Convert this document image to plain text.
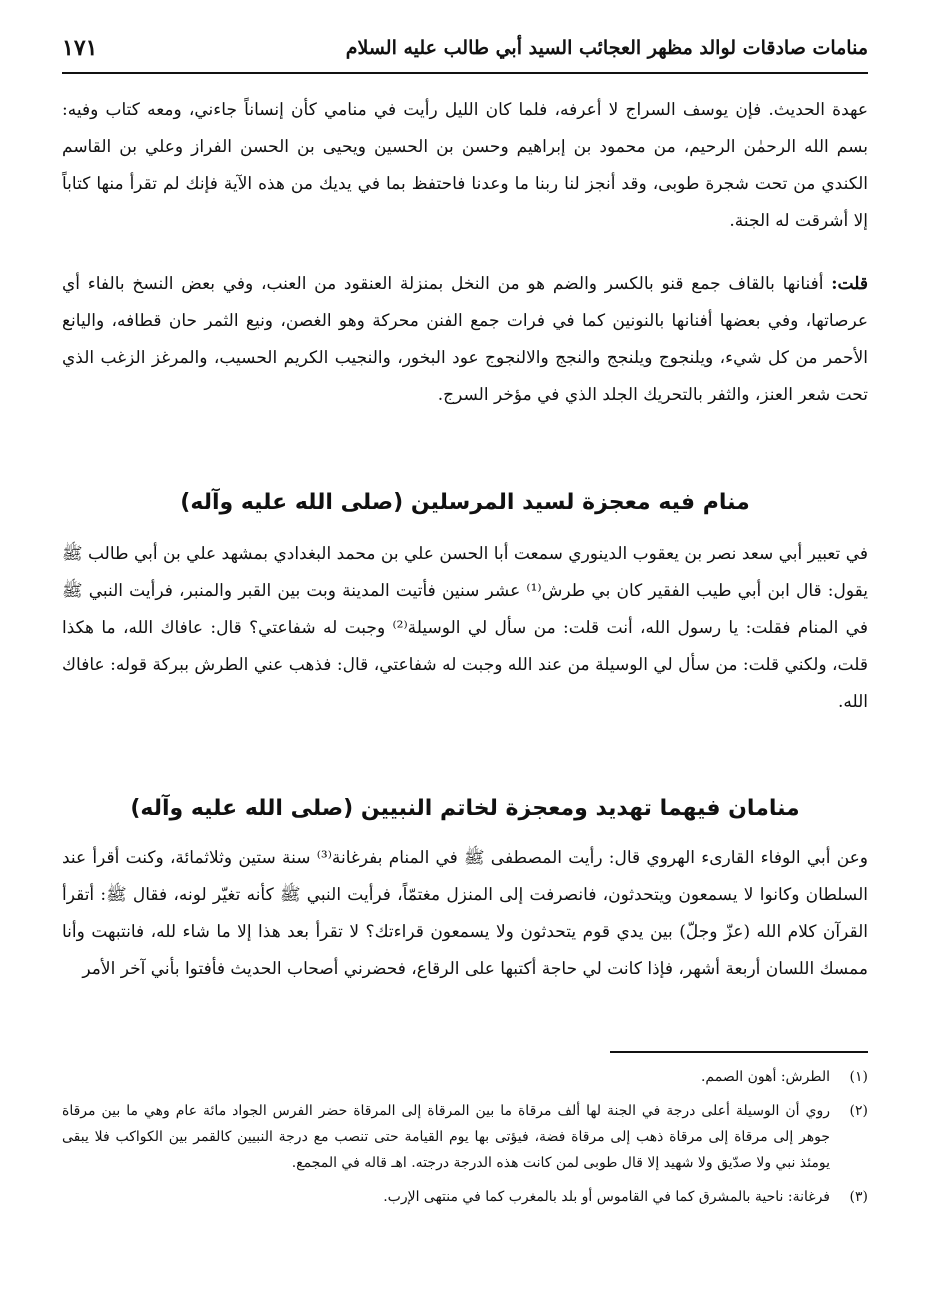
منامات صادقات لوالد مظهر العجائب السيد أبي طالب عليه السلام
١٧١

عهدة الحديث. فإن يوسف السراج لا أعرفه، فلما كان الليل رأيت في منامي كأن إنساناً جاءني، ومعه كتاب وفيه: بسم الله الرحمٰن الرحيم، من محمود بن إبراهيم وحسن بن الحسين ويحيى بن الحسن الفراز وعلي بن القاسم الكندي من تحت شجرة طوبى، وقد أنجز لنا ربنا ما وعدنا فاحتفظ بما في يديك من هذه الآية فإنك لم تقرأ منها كتاباً إلا أشرقت له الجنة.

قلت: أفنانها بالقاف جمع قنو بالكسر والضم هو من النخل بمنزلة العنقود من العنب، وفي بعض النسخ بالفاء أي عرصاتها، وفي بعضها أفنانها بالنونين كما في فرات جمع الفنن محركة وهو الغصن، ونيع الثمر حان قطافه، واليانع الأحمر من كل شيء، ويلنجوج ويلنجج والنجج والالنجوج عود البخور، والنجيب الكريم الحسيب، والمرغز الزغب الذي تحت شعر العنز، والثفر بالتحريك الجلد الذي في مؤخر السرج.

منام فيه معجزة لسيد المرسلين (صلى الله عليه وآله)

في تعبير أبي سعد نصر بن يعقوب الدينوري سمعت أبا الحسن علي بن محمد البغدادي بمشهد علي بن أبي طالب ﷺ يقول: قال ابن أبي طيب الفقير كان بي طرش⁽¹⁾ عشر سنين فأتيت المدينة وبت بين القبر والمنبر، فرأيت النبي ﷺ في المنام فقلت: يا رسول الله، أنت قلت: من سأل لي الوسيلة⁽²⁾ وجبت له شفاعتي؟ قال: عافاك الله، ما هكذا قلت، ولكني قلت: من سأل لي الوسيلة من عند الله وجبت له شفاعتي، قال: فذهب عني الطرش ببركة قوله: عافاك الله.

منامان فيهما تهديد ومعجزة لخاتم النبيين (صلى الله عليه وآله)

وعن أبي الوفاء القارىء الهروي قال: رأيت المصطفى ﷺ في المنام بفرغانة⁽³⁾ سنة ستين وثلاثمائة، وكنت أقرأ عند السلطان وكانوا لا يسمعون ويتحدثون، فانصرفت إلى المنزل مغتمّاً، فرأيت النبي ﷺ كأنه تغيّر لونه، فقال ﷺ: أتقرأ القرآن كلام الله (عزّ وجلّ) بين يدي قوم يتحدثون ولا يسمعون قراءتك؟ لا تقرأ بعد هذا إلا ما شاء لله، فانتبهت وأنا ممسك اللسان أربعة أشهر، فإذا كانت لي حاجة أكتبها على الرقاع، فحضرني أصحاب الحديث فأفتوا بأني آخر الأمر

(١)
الطرش: أهون الصمم.
(٢)
روي أن الوسيلة أعلى درجة في الجنة لها ألف مرقاة ما بين المرقاة إلى المرقاة حضر الفرس الجواد مائة عام وهي ما بين مرقاة جوهر إلى مرقاة إلى مرقاة ذهب إلى مرقاة فضة، فيؤتى بها يوم القيامة حتى تنصب مع درجة النبيين كالقمر بين الكواكب فلا يبقى يومئذ نبي ولا صدّيق ولا شهيد إلا قال طوبى لمن كانت هذه الدرجة درجته. اهـ قاله في المجمع.
(٣)
فرغانة: ناحية بالمشرق كما في القاموس أو بلد بالمغرب كما في منتهى الإرب.
